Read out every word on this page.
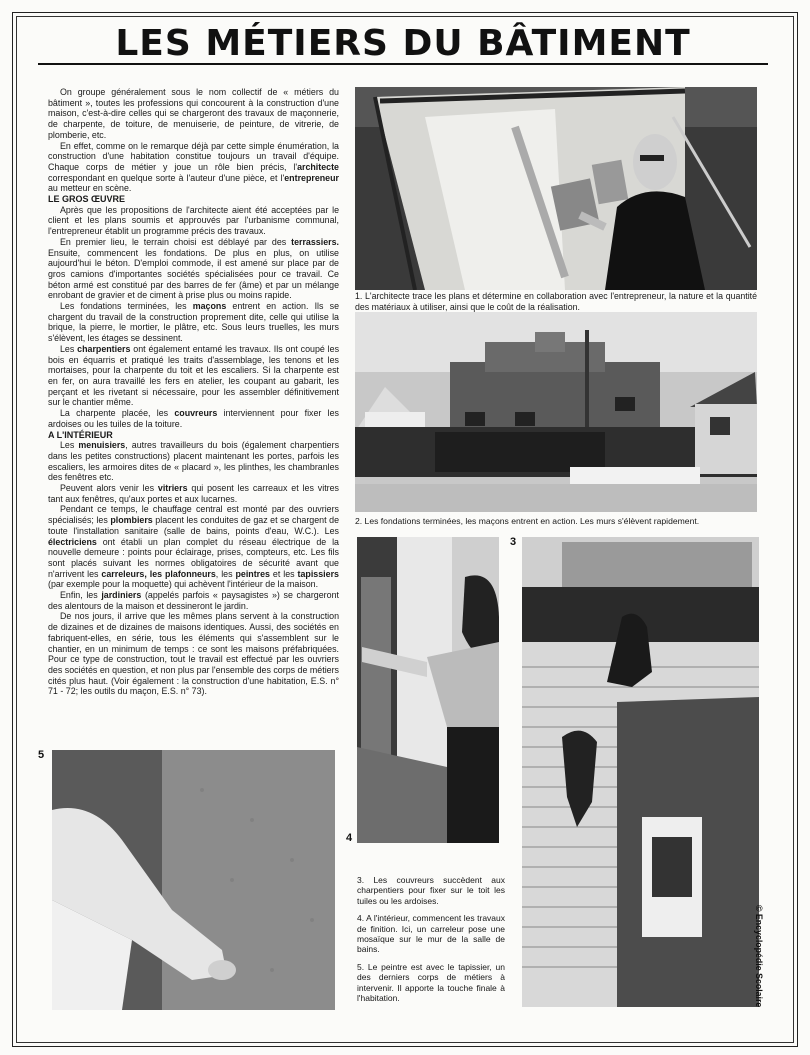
LES MÉTIERS DU BÂTIMENT

On groupe généralement sous le nom collectif de « métiers du bâtiment », toutes les professions qui concourent à la construction d'une maison, c'est-à-dire celles qui se chargeront des travaux de maçonnerie, de charpente, de toiture, de menuiserie, de peinture, de vitrerie, de plomberie, etc.

En effet, comme on le remarque déjà par cette simple énumération, la construction d'une habitation constitue toujours un travail d'équipe. Chaque corps de métier y joue un rôle bien précis, l'architecte correspondant en quelque sorte à l'auteur d'une pièce, et l'entrepreneur au metteur en scène.

LE GROS ŒUVRE

Après que les propositions de l'architecte aient été acceptées par le client et les plans soumis et approuvés par l'urbanisme communal, l'entrepreneur établit un programme précis des travaux.

En premier lieu, le terrain choisi est déblayé par des terrassiers. Ensuite, commencent les fondations. De plus en plus, on utilise aujourd'hui le béton. D'emploi commode, il est amené sur place par de gros camions d'importantes sociétés spécialisées pour ce travail. Ce béton armé est constitué par des barres de fer (âme) et par un mélange enrobant de gravier et de ciment à prise plus ou moins rapide.

Les fondations terminées, les maçons entrent en action. Ils se chargent du travail de la construction proprement dite, celle qui utilise la brique, la pierre, le mortier, le plâtre, etc. Sous leurs truelles, les murs s'élèvent, les étages se dessinent.

Les charpentiers ont également entamé les travaux. Ils ont coupé les bois en équarris et pratiqué les traits d'assemblage, les tenons et les mortaises, pour la charpente du toit et les escaliers. Si la charpente est en fer, on aura travaillé les fers en atelier, les coupant au gabarit, les perçant et les rivetant si nécessaire, pour les assembler définitivement sur le chantier même.

La charpente placée, les couvreurs interviennent pour fixer les ardoises ou les tuiles de la toiture.

A L'INTÉRIEUR

Les menuisiers, autres travailleurs du bois (également charpentiers dans les petites constructions) placent maintenant les portes, parfois les escaliers, les armoires dites de « placard », les plinthes, les chambranles des fenêtres etc.

Peuvent alors venir les vitriers qui posent les carreaux et les vitres tant aux fenêtres, qu'aux portes et aux lucarnes.

Pendant ce temps, le chauffage central est monté par des ouvriers spécialisés; les plombiers placent les conduites de gaz et se chargent de toute l'installation sanitaire (salle de bains, points d'eau, W.C.). Les électriciens ont établi un plan complet du réseau électrique de la nouvelle demeure : points pour éclairage, prises, compteurs, etc. Les fils sont placés suivant les normes obligatoires de sécurité avant que n'arrivent les carreleurs, les plafonneurs, les peintres et les tapissiers (par exemple pour la moquette) qui achèvent l'intérieur de la maison.

Enfin, les jardiniers (appelés parfois « paysagistes ») se chargeront des alentours de la maison et dessineront le jardin.

De nos jours, il arrive que les mêmes plans servent à la construction de dizaines et de dizaines de maisons identiques. Aussi, des sociétés en fabriquent-elles, en série, tous les éléments qui s'assemblent sur le chantier, en un minimum de temps : ce sont les maisons préfabriquées. Pour ce type de construction, tout le travail est effectué par les ouvriers des sociétés en question, et non plus par l'ensemble des corps de métiers cités plus haut. (Voir également : la construction d'une habitation, E.S. n° 71 - 72; les outils du maçon, E.S. n° 73).

1. L'architecte trace les plans et détermine en collaboration avec l'entrepreneur, la nature et la quantité des matériaux à utiliser, ainsi que le coût de la réalisation.
2. Les fondations terminées, les maçons entrent en action. Les murs s'élèvent rapidement.
4
3
5

3. Les couvreurs succèdent aux charpentiers pour fixer sur le toit les tuiles ou les ardoises.

4. A l'intérieur, commencent les travaux de finition. Ici, un carreleur pose une mosaïque sur le mur de la salle de bains.

5. Le peintre est avec le tapissier, un des derniers corps de métiers à intervenir. Il apporte la touche finale à l'habitation.	© Encyclopédie Scolaire
